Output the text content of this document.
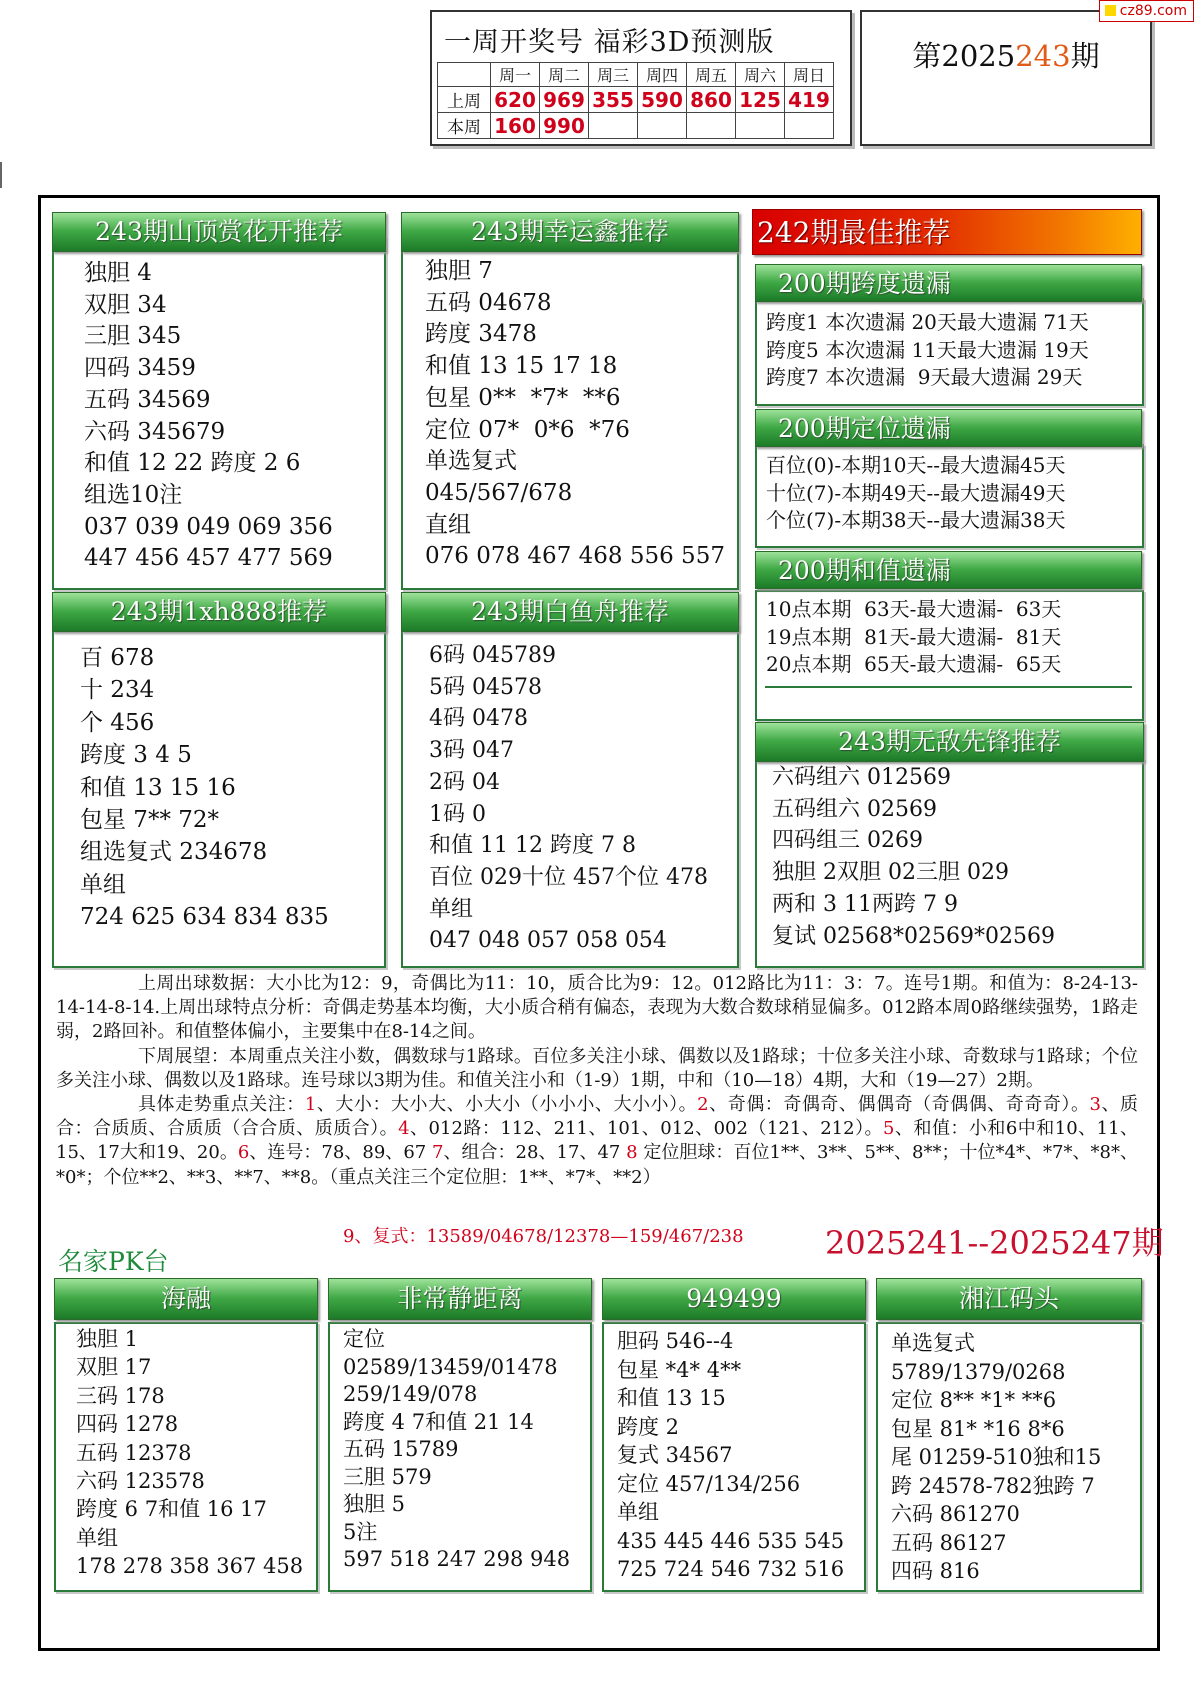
一周开奖号 福彩3D预测版
	周一	周二	周三	周四	周五	周六	周日
上周	620	969	355	590	860	125	419
本周	160	990					
第2025243期
cz89.com
243期山顶赏花开推荐
独胆 4
双胆 34
三胆 345
四码 3459
五码 34569
六码 345679
和值 12 22 跨度 2 6
组选10注
037 039 049 069 356
447 456 457 477 569
243期幸运鑫推荐
独胆 7
五码 04678
跨度 3478
和值 13 15 17 18
包星 0**  *7*  **6
定位 07*  0*6  *76
单选复式
045/567/678
直组
076 078 467 468 556 557
242期最佳推荐
200期跨度遗漏
跨度1 本次遗漏 20天最大遗漏 71天
跨度5 本次遗漏 11天最大遗漏 19天
跨度7 本次遗漏  9天最大遗漏 29天
200期定位遗漏
百位(0)-本期10天--最大遗漏45天
十位(7)-本期49天--最大遗漏49天
个位(7)-本期38天--最大遗漏38天
200期和值遗漏
10点本期  63天-最大遗漏-  63天
19点本期  81天-最大遗漏-  81天
20点本期  65天-最大遗漏-  65天
243期1xh888推荐
百 678
十 234
个 456
跨度 3 4 5
和值 13 15 16
包星 7** 72*
组选复式 234678
单组
724 625 634 834 835
243期白鱼舟推荐
6码 045789
5码 04578
4码 0478
3码 047
2码 04
1码 0
和值 11 12 跨度 7 8
百位 029十位 457个位 478
单组
047 048 057 058 054
243期无敌先锋推荐
六码组六 012569
五码组六 02569
四码组三 0269
独胆 2双胆 02三胆 029
两和 3 11两跨 7 9
复试 02568*02569*02569

上周出球数据：大小比为12：9，奇偶比为11：10，质合比为9：12。012路比为11：3：7。连号1期。和值为：8-24-13-14-14-8-14.上周出球特点分析：奇偶走势基本均衡，大小质合稍有偏态，表现为大数合数球稍显偏多。012路本周0路继续强势，1路走弱，2路回补。和值整体偏小，主要集中在8-14之间。

下周展望：本周重点关注小数，偶数球与1路球。百位多关注小球、偶数以及1路球；十位多关注小球、奇数球与1路球；个位多关注小球、偶数以及1路球。连号球以3期为佳。和值关注小和（1-9）1期，中和（10—18）4期，大和（19—27）2期。

具体走势重点关注：1、大小：大小大、小大小（小小小、大小小）。2、奇偶：奇偶奇、偶偶奇（奇偶偶、奇奇奇）。3、质合：合质质、合质质（合合质、质质合）。4、012路：112、211、101、012、002（121、212）。5、和值：小和6中和10、11、15、17大和19、20。6、连号：78、89、67 7、组合：28、17、47 8 定位胆球：百位1**、3**、5**、8**；十位*4*、*7*、*8*、*0*；个位**2、**3、**7、**8。（重点关注三个定位胆：1**、*7*、**2）

9、复式：13589/04678/12378—159/467/238	2025241--2025247期
名家PK台
海融
独胆 1
双胆 17
三码 178
四码 1278
五码 12378
六码 123578
跨度 6 7和值 16 17
单组
178 278 358 367 458
非常静距离
定位
02589/13459/01478
259/149/078
跨度 4 7和值 21 14
五码 15789
三胆 579
独胆 5
5注
597 518 247 298 948
949499
胆码 546--4
包星 *4* 4**
和值 13 15
跨度 2
复式 34567
定位 457/134/256
单组
435 445 446 535 545
725 724 546 732 516
湘江码头
单选复式
5789/1379/0268
定位 8** *1* **6
包星 81* *16 8*6
尾 01259-510独和15
跨 24578-782独跨 7
六码 861270
五码 86127
四码 816
